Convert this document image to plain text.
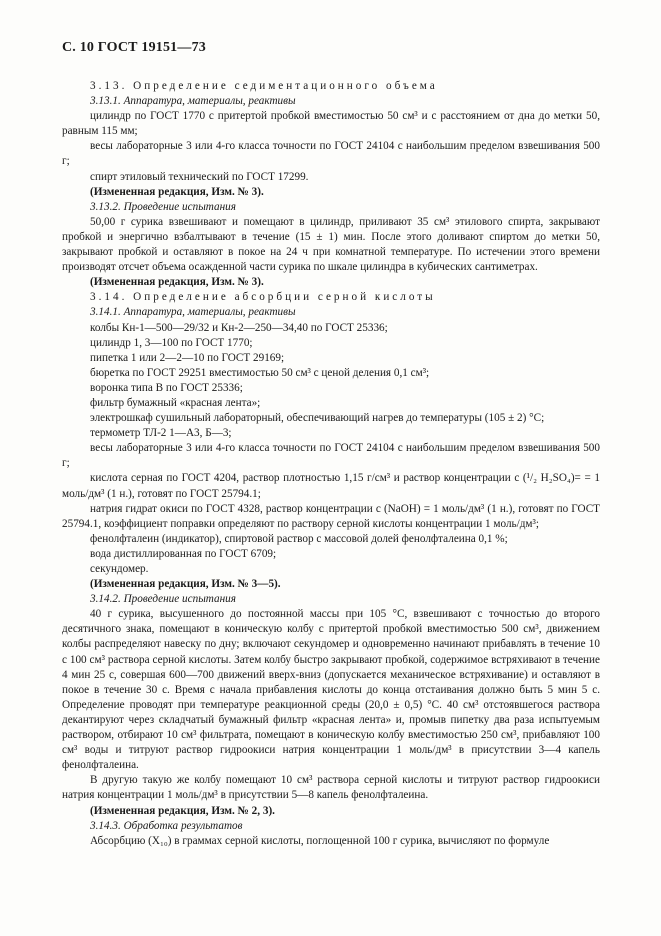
С. 10 ГОСТ 19151—73

3.13. Определение седиментационного объема

3.13.1. Аппаратура, материалы, реактивы

цилиндр по ГОСТ 1770 с притертой пробкой вместимостью 50 см³ и с расстоянием от дна до метки 50, равным 115 мм;

весы лабораторные 3 или 4-го класса точности по ГОСТ 24104 с наибольшим пределом взвешивания 500 г;

спирт этиловый технический по ГОСТ 17299.

(Измененная редакция, Изм. № 3).

3.13.2. Проведение испытания

50,00 г сурика взвешивают и помещают в цилиндр, приливают 35 см³ этилового спирта, закрывают пробкой и энергично взбалтывают в течение (15 ± 1) мин. После этого доливают спиртом до метки 50, закрывают пробкой и оставляют в покое на 24 ч при комнатной температуре. По истечении этого времени производят отсчет объема осажденной части сурика по шкале цилиндра в кубических сантиметрах.

(Измененная редакция, Изм. № 3).

3.14. Определение абсорбции серной кислоты

3.14.1. Аппаратура, материалы, реактивы

колбы Кн-1—500—29/32 и Кн-2—250—34,40 по ГОСТ 25336;

цилиндр 1, 3—100 по ГОСТ 1770;

пипетка 1 или 2—2—10 по ГОСТ 29169;

бюретка по ГОСТ 29251 вместимостью 50 см³ с ценой деления 0,1 см³;

воронка типа В по ГОСТ 25336;

фильтр бумажный «красная лента»;

электрошкаф сушильный лабораторный, обеспечивающий нагрев до температуры (105 ± 2) °С;

термометр ТЛ-2 1—А3, Б—3;

весы лабораторные 3 или 4-го класса точности по ГОСТ 24104 с наибольшим пределом взвешивания 500 г;

кислота серная по ГОСТ 4204, раствор плотностью 1,15 г/см³ и раствор концентрации c (¹/₂ H₂SO₄)= = 1 моль/дм³ (1 н.), готовят по ГОСТ 25794.1;

натрия гидрат окиси по ГОСТ 4328, раствор концентрации c (NaOH) = 1 моль/дм³ (1 н.), готовят по ГОСТ 25794.1, коэффициент поправки определяют по раствору серной кислоты концентрации 1 моль/дм³;

фенолфталеин (индикатор), спиртовой раствор с массовой долей фенолфталеина 0,1 %;

вода дистиллированная по ГОСТ 6709;

секундомер.

(Измененная редакция, Изм. № 3—5).

3.14.2. Проведение испытания

40 г сурика, высушенного до постоянной массы при 105 °С, взвешивают с точностью до второго десятичного знака, помещают в коническую колбу с притертой пробкой вместимостью 500 см³, движением колбы распределяют навеску по дну; включают секундомер и одновременно начинают прибавлять в течение 10 с 100 см³ раствора серной кислоты. Затем колбу быстро закрывают пробкой, содержимое встряхивают в течение 4 мин 25 с, совершая 600—700 движений вверх-вниз (допускается механическое встряхивание) и оставляют в покое в течение 30 с. Время с начала прибавления кислоты до конца отстаивания должно быть 5 мин 5 с. Определение проводят при температуре реакционной среды (20,0 ± 0,5) °С. 40 см³ отстоявшегося раствора декантируют через складчатый бумажный фильтр «красная лента» и, промыв пипетку два раза испытуемым раствором, отбирают 10 см³ фильтрата, помещают в коническую колбу вместимостью 250 см³, прибавляют 100 см³ воды и титруют раствор гидроокиси натрия концентрации 1 моль/дм³ в присутствии 3—4 капель фенолфталеина.

В другую такую же колбу помещают 10 см³ раствора серной кислоты и титруют раствор гидроокиси натрия концентрации 1 моль/дм³ в присутствии 5—8 капель фенолфталеина.

(Измененная редакция, Изм. № 2, 3).

3.14.3. Обработка результатов

Абсорбцию (X₁₀) в граммах серной кислоты, поглощенной 100 г сурика, вычисляют по формуле
